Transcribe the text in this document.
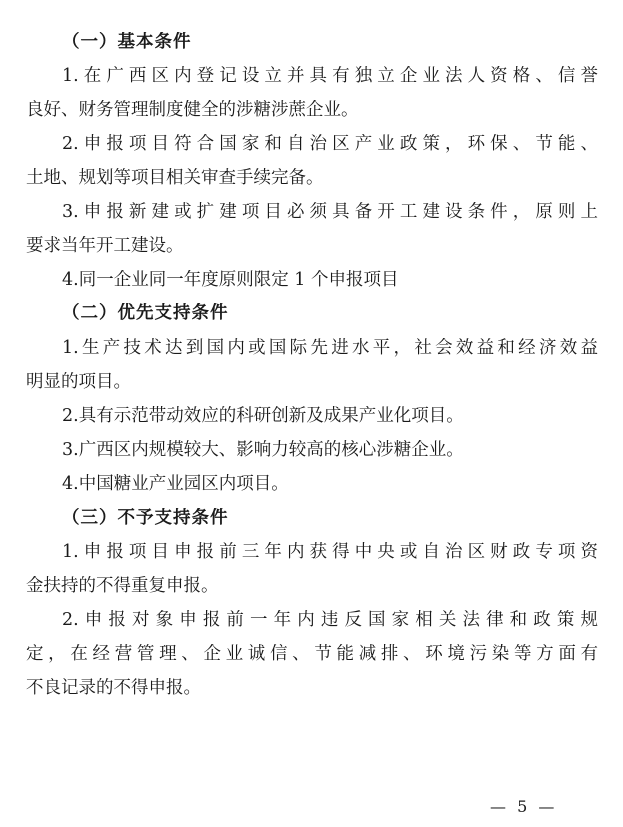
（一）基本条件
1.在广西区内登记设立并具有独立企业法人资格、信誉
良好、财务管理制度健全的涉糖涉蔗企业。
2.申报项目符合国家和自治区产业政策，环保、节能、
土地、规划等项目相关审查手续完备。
3.申报新建或扩建项目必须具备开工建设条件，原则上
要求当年开工建设。
4.同一企业同一年度原则限定 1 个申报项目
（二）优先支持条件
1.生产技术达到国内或国际先进水平，社会效益和经济效益
明显的项目。
2.具有示范带动效应的科研创新及成果产业化项目。
3.广西区内规模较大、影响力较高的核心涉糖企业。
4.中国糖业产业园区内项目。
（三）不予支持条件
1.申报项目申报前三年内获得中央或自治区财政专项资
金扶持的不得重复申报。
2.申报对象申报前一年内违反国家相关法律和政策规
定，在经营管理、企业诚信、节能减排、环境污染等方面有
不良记录的不得申报。
— 5 —
